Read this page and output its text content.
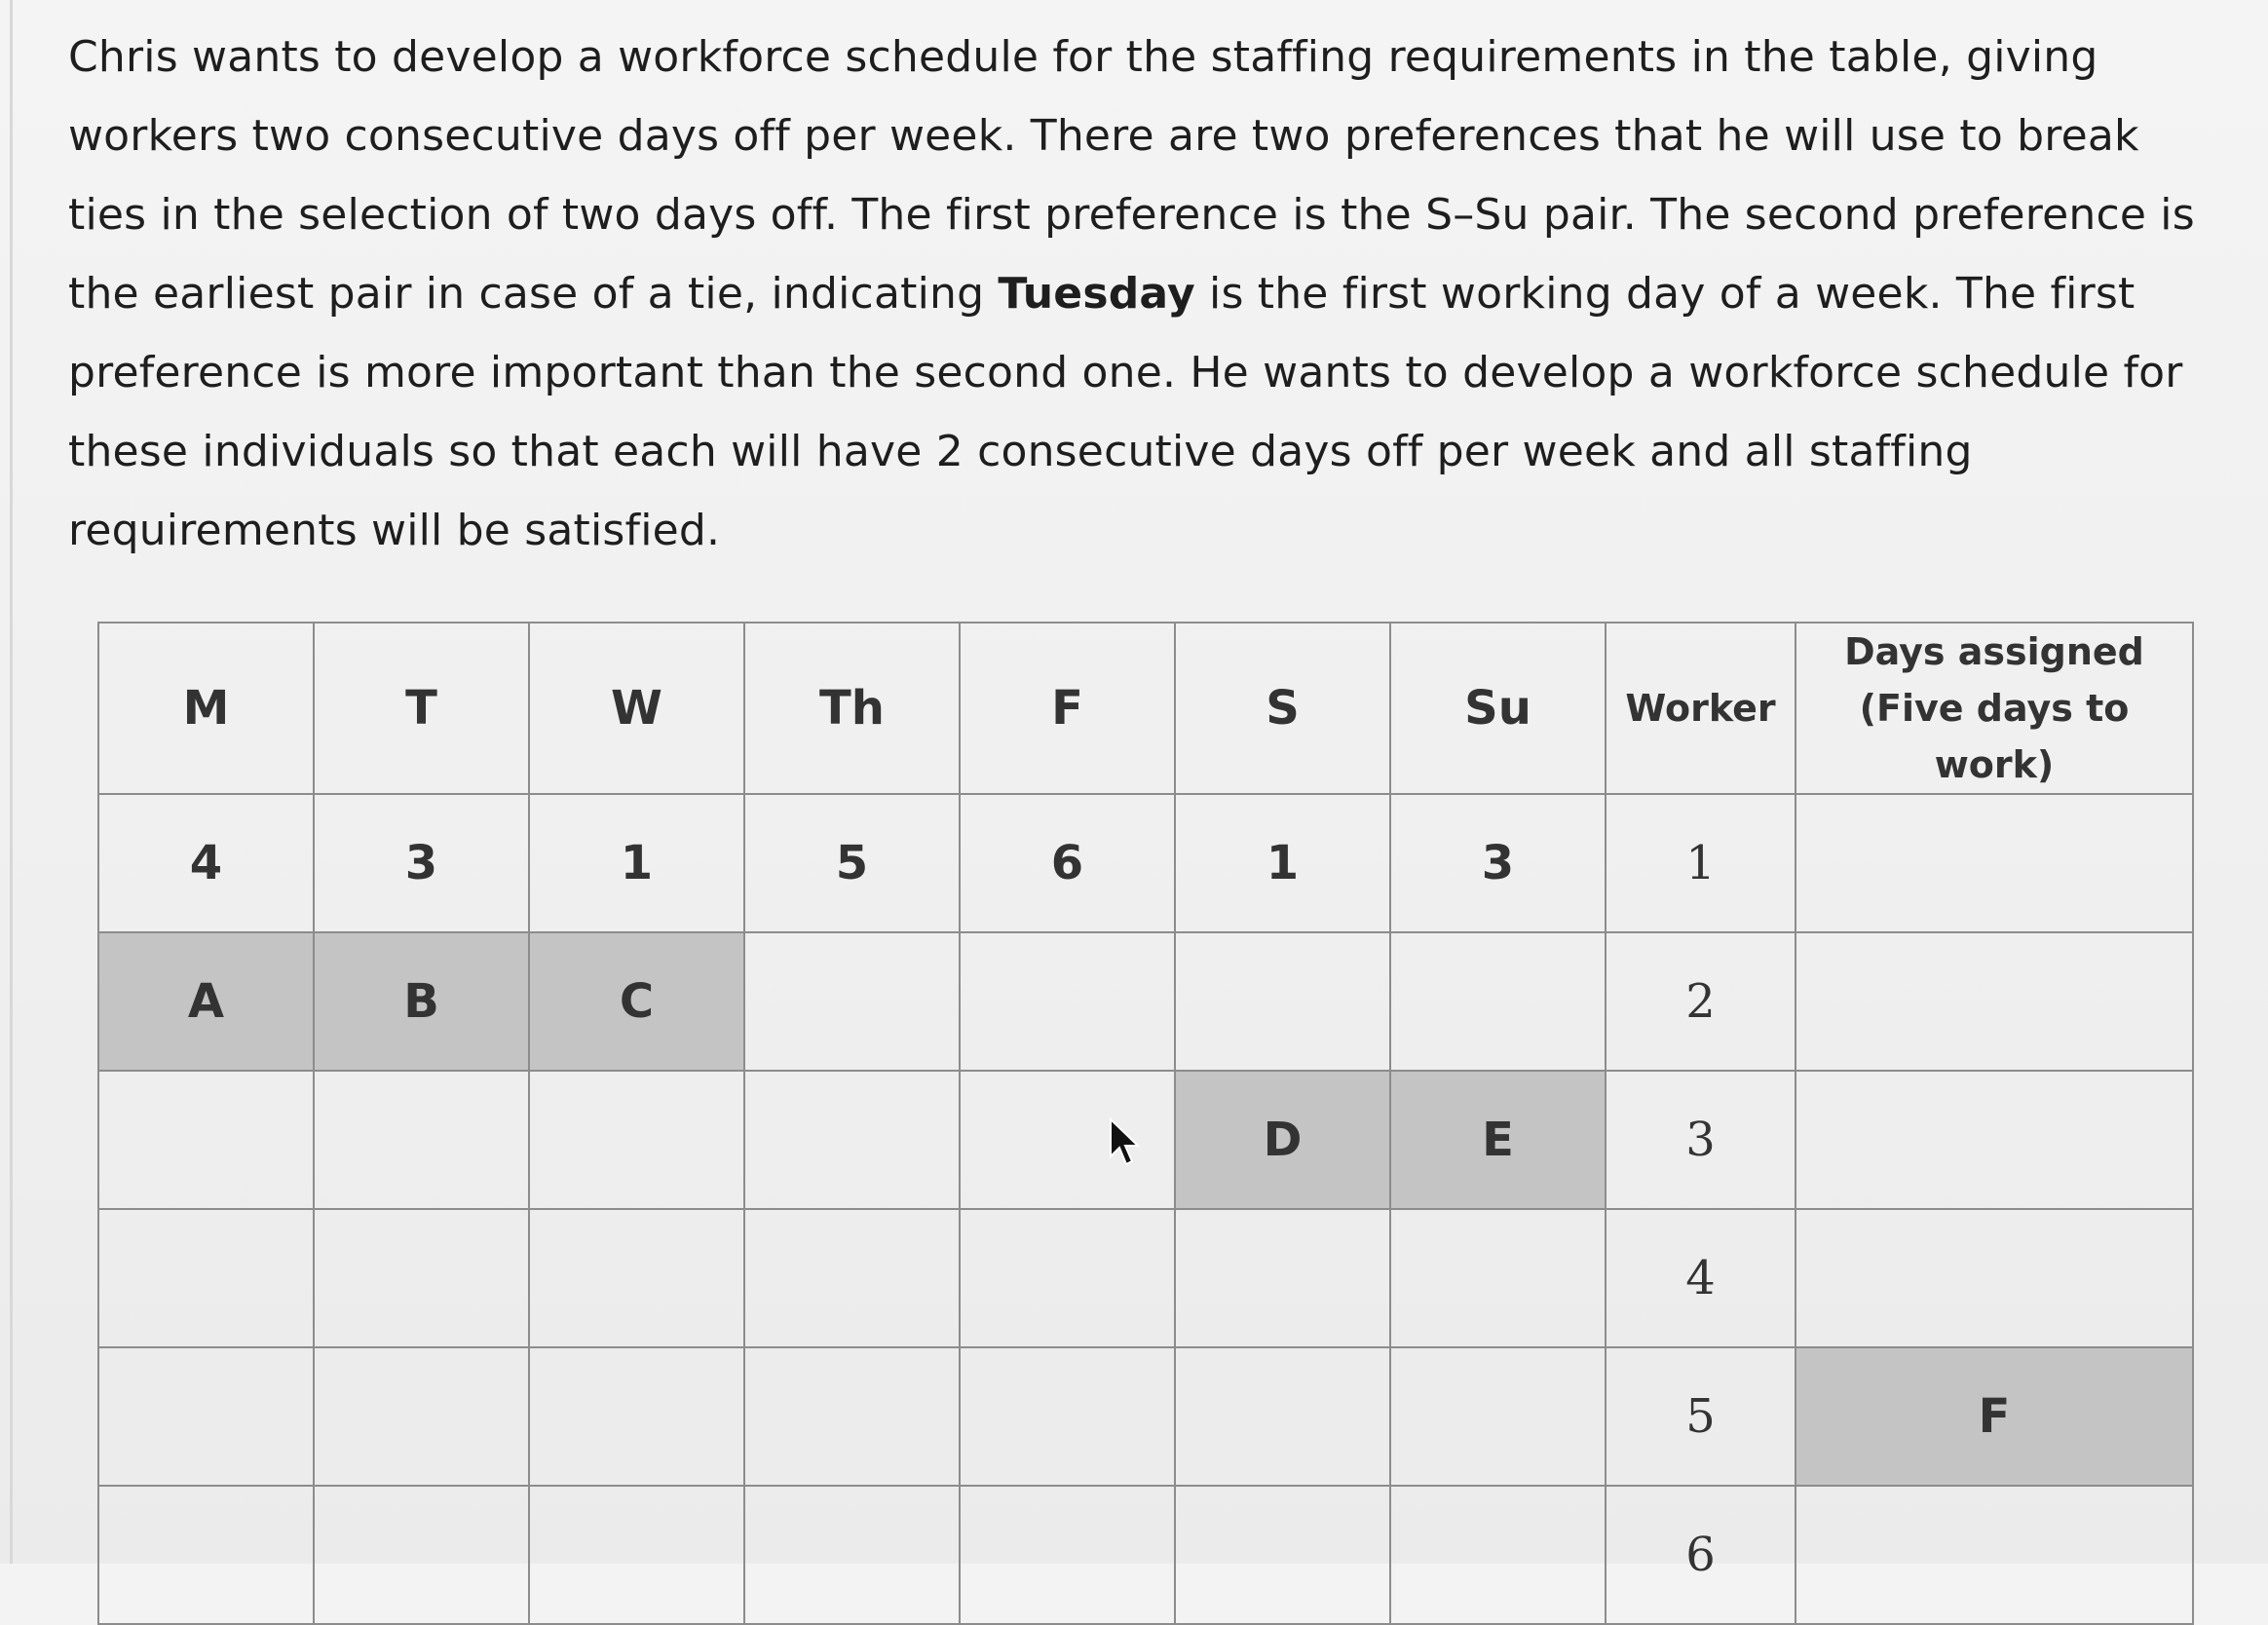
Chris wants to develop a workforce schedule for the staffing requirements in the table, giving workers two consecutive days off per week. There are two preferences that he will use to break ties in the selection of two days off. The first preference is the S–Su pair. The second preference is the earliest pair in case of a tie, indicating Tuesday is the first working day of a week. The first preference is more important than the second one. He wants to develop a workforce schedule for these individuals so that each will have 2 consecutive days off per week and all staffing requirements will be satisfied.
M	T	W	Th	F	S	Su	Worker	Days assigned
(Five days to work)
4	3	1	5	6	1	3	1	
A	B	C					2	
					D	E	3	
							4	
							5	F
							6	
